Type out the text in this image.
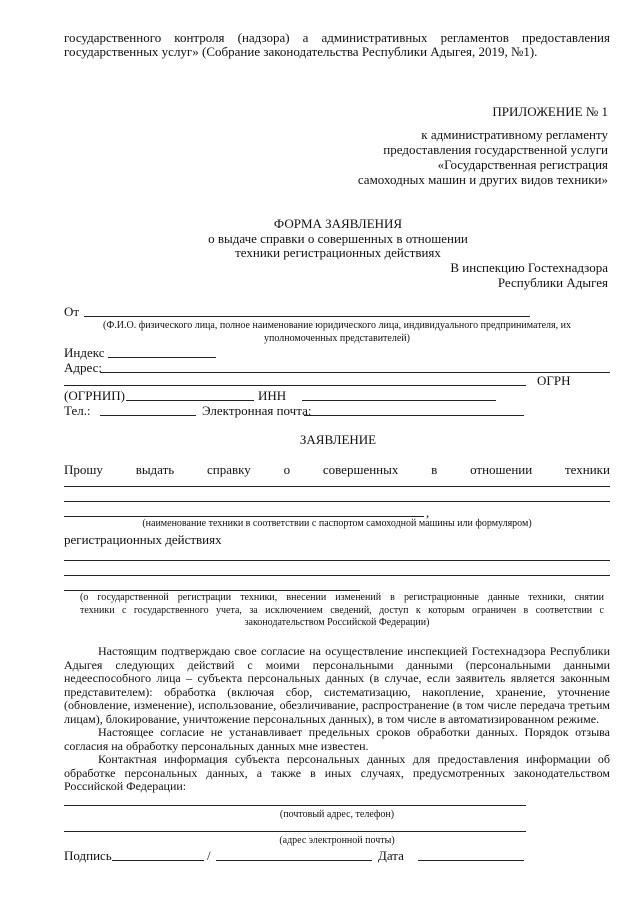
государственного контроля (надзора) а административных регламентов предоставления
государственных услуг» (Собрание законодательства Республики Адыгея, 2019, №1).
ПРИЛОЖЕНИЕ № 1
к административному регламенту
предоставления государственной услуги
«Государственная регистрация
самоходных машин и других видов техники»
ФОРМА ЗАЯВЛЕНИЯ
о выдаче справки о совершенных в отношении
техники регистрационных действиях
В инспекцию Гостехнадзора
Республики Адыгея
От
(Ф.И.О. физического лица, полное наименование юридического лица, индивидуального предпринимателя, их
уполномоченных представителей)
Индекс
Адрес:
ОГРН
(ОГРНИП)	ИНН
Тел.:	Электронная почта:
ЗАЯВЛЕНИЕ
Прошу	выдать	справку	о	совершенных	в	отношении	техники
,
(наименование техники в соответствии с паспортом самоходной машины или формуляром)
регистрационных действиях
(о государственной регистрации техники, внесении изменений в регистрационные данные техники, снятии
техники с государственного учета, за исключением сведений, доступ к которым ограничен в соответствии с
законодательством Российской Федерации)
Настоящим подтверждаю свое согласие на осуществление инспекцией Гостехнадзора Республики Адыгея следующих действий с моими персональными данными (персональными данными недееспособного лица – субъекта персональных данных (в случае, если заявитель является законным представителем): обработка (включая сбор, систематизацию, накопление, хранение, уточнение (обновление, изменение), использование, обезличивание, распространение (в том числе передача третьим лицам), блокирование, уничтожение персональных данных), в том числе в автоматизированном режиме.
Настоящее согласие не устанавливает предельных сроков обработки данных. Порядок отзыва согласия на обработку персональных данных мне известен.
Контактная информация субъекта персональных данных для предоставления информации об обработке персональных данных, а также в иных случаях, предусмотренных законодательством Российской Федерации:
(почтовый адрес, телефон)
(адрес электронной почты)
Подпись	/	Дата
